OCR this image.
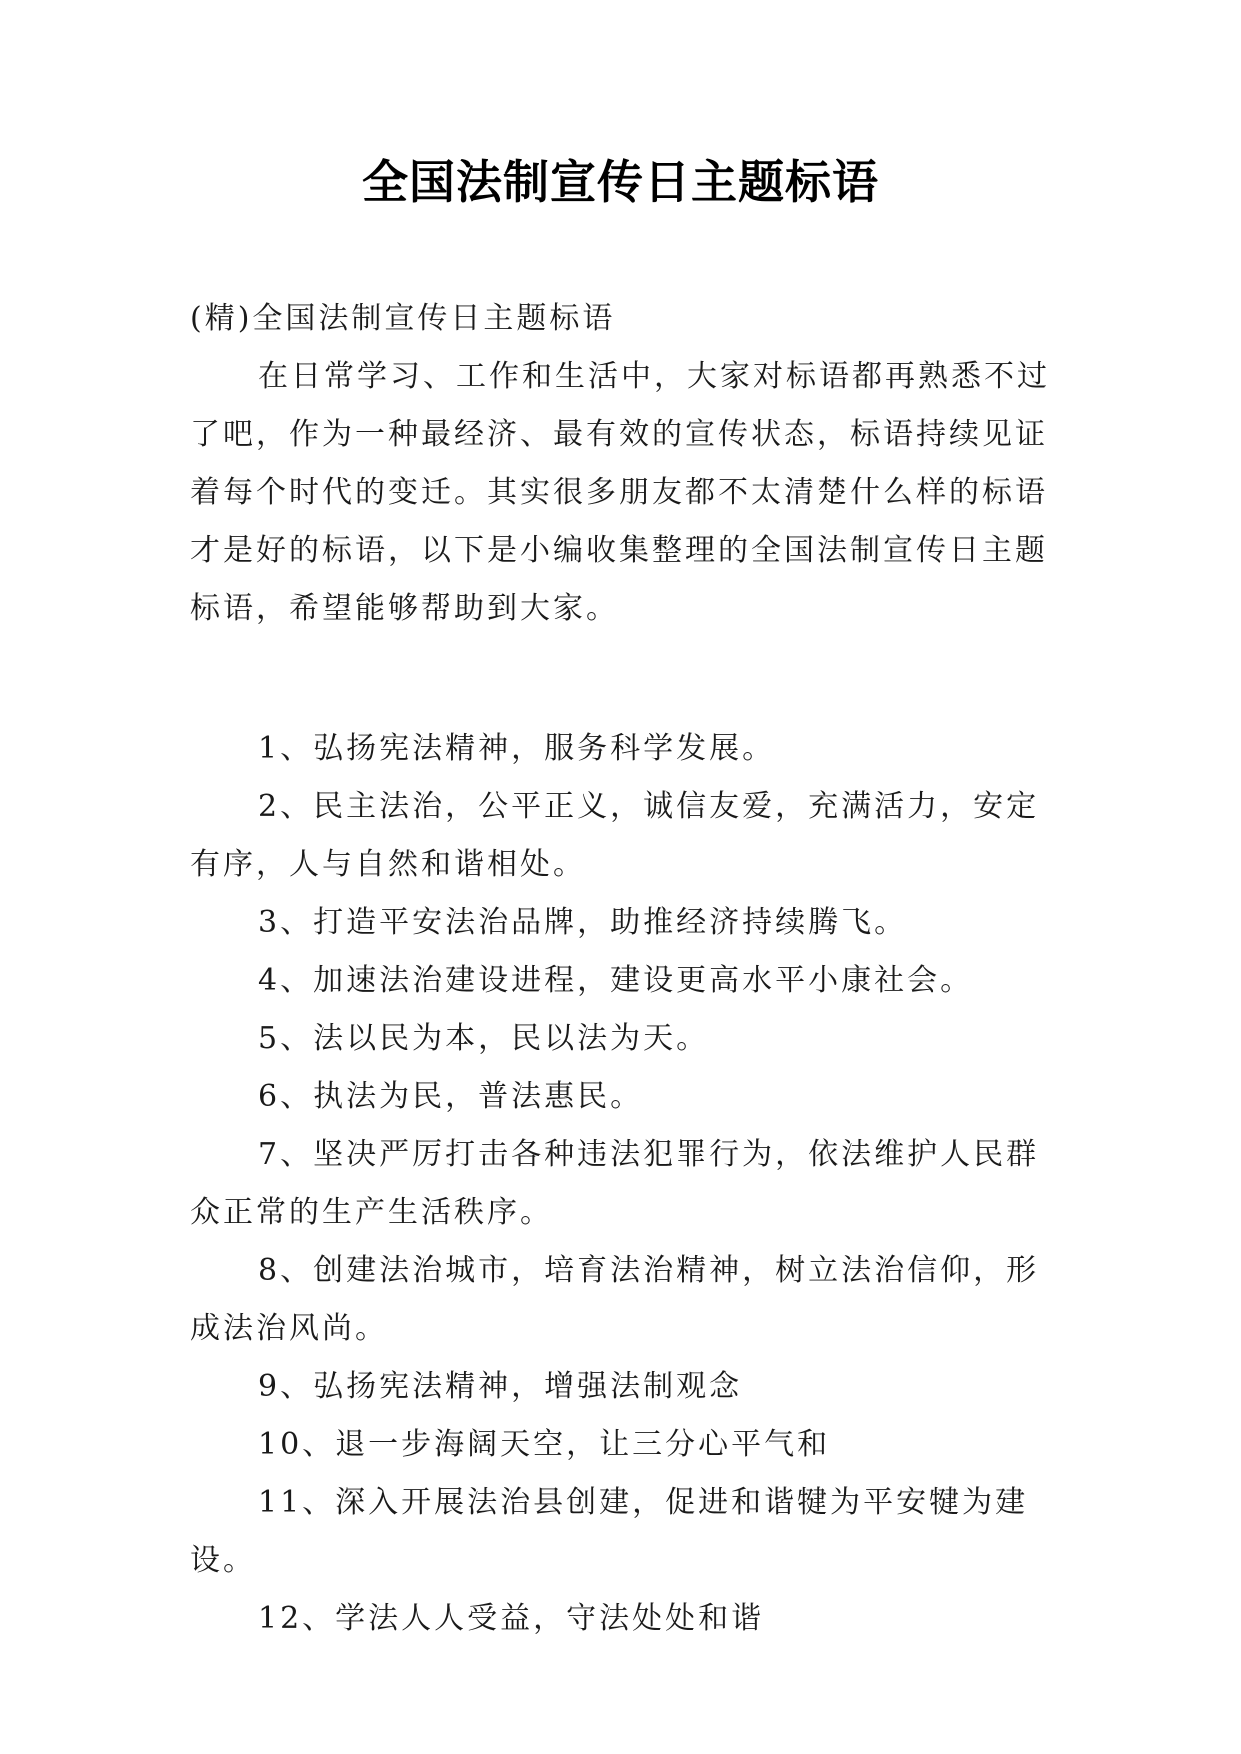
全国法制宣传日主题标语

(精)全国法制宣传日主题标语

在日常学习、工作和生活中，大家对标语都再熟悉不过了吧，作为一种最经济、最有效的宣传状态，标语持续见证着每个时代的变迁。其实很多朋友都不太清楚什么样的标语才是好的标语，以下是小编收集整理的全国法制宣传日主题标语，希望能够帮助到大家。

1、弘扬宪法精神，服务科学发展。

2、民主法治，公平正义，诚信友爱，充满活力，安定有序，人与自然和谐相处。

3、打造平安法治品牌，助推经济持续腾飞。

4、加速法治建设进程，建设更高水平小康社会。

5、法以民为本，民以法为天。

6、执法为民，普法惠民。

7、坚决严厉打击各种违法犯罪行为，依法维护人民群众正常的生产生活秩序。

8、创建法治城市，培育法治精神，树立法治信仰，形成法治风尚。

9、弘扬宪法精神，增强法制观念

10、退一步海阔天空，让三分心平气和

11、深入开展法治县创建，促进和谐犍为平安犍为建设。

12、学法人人受益，守法处处和谐
